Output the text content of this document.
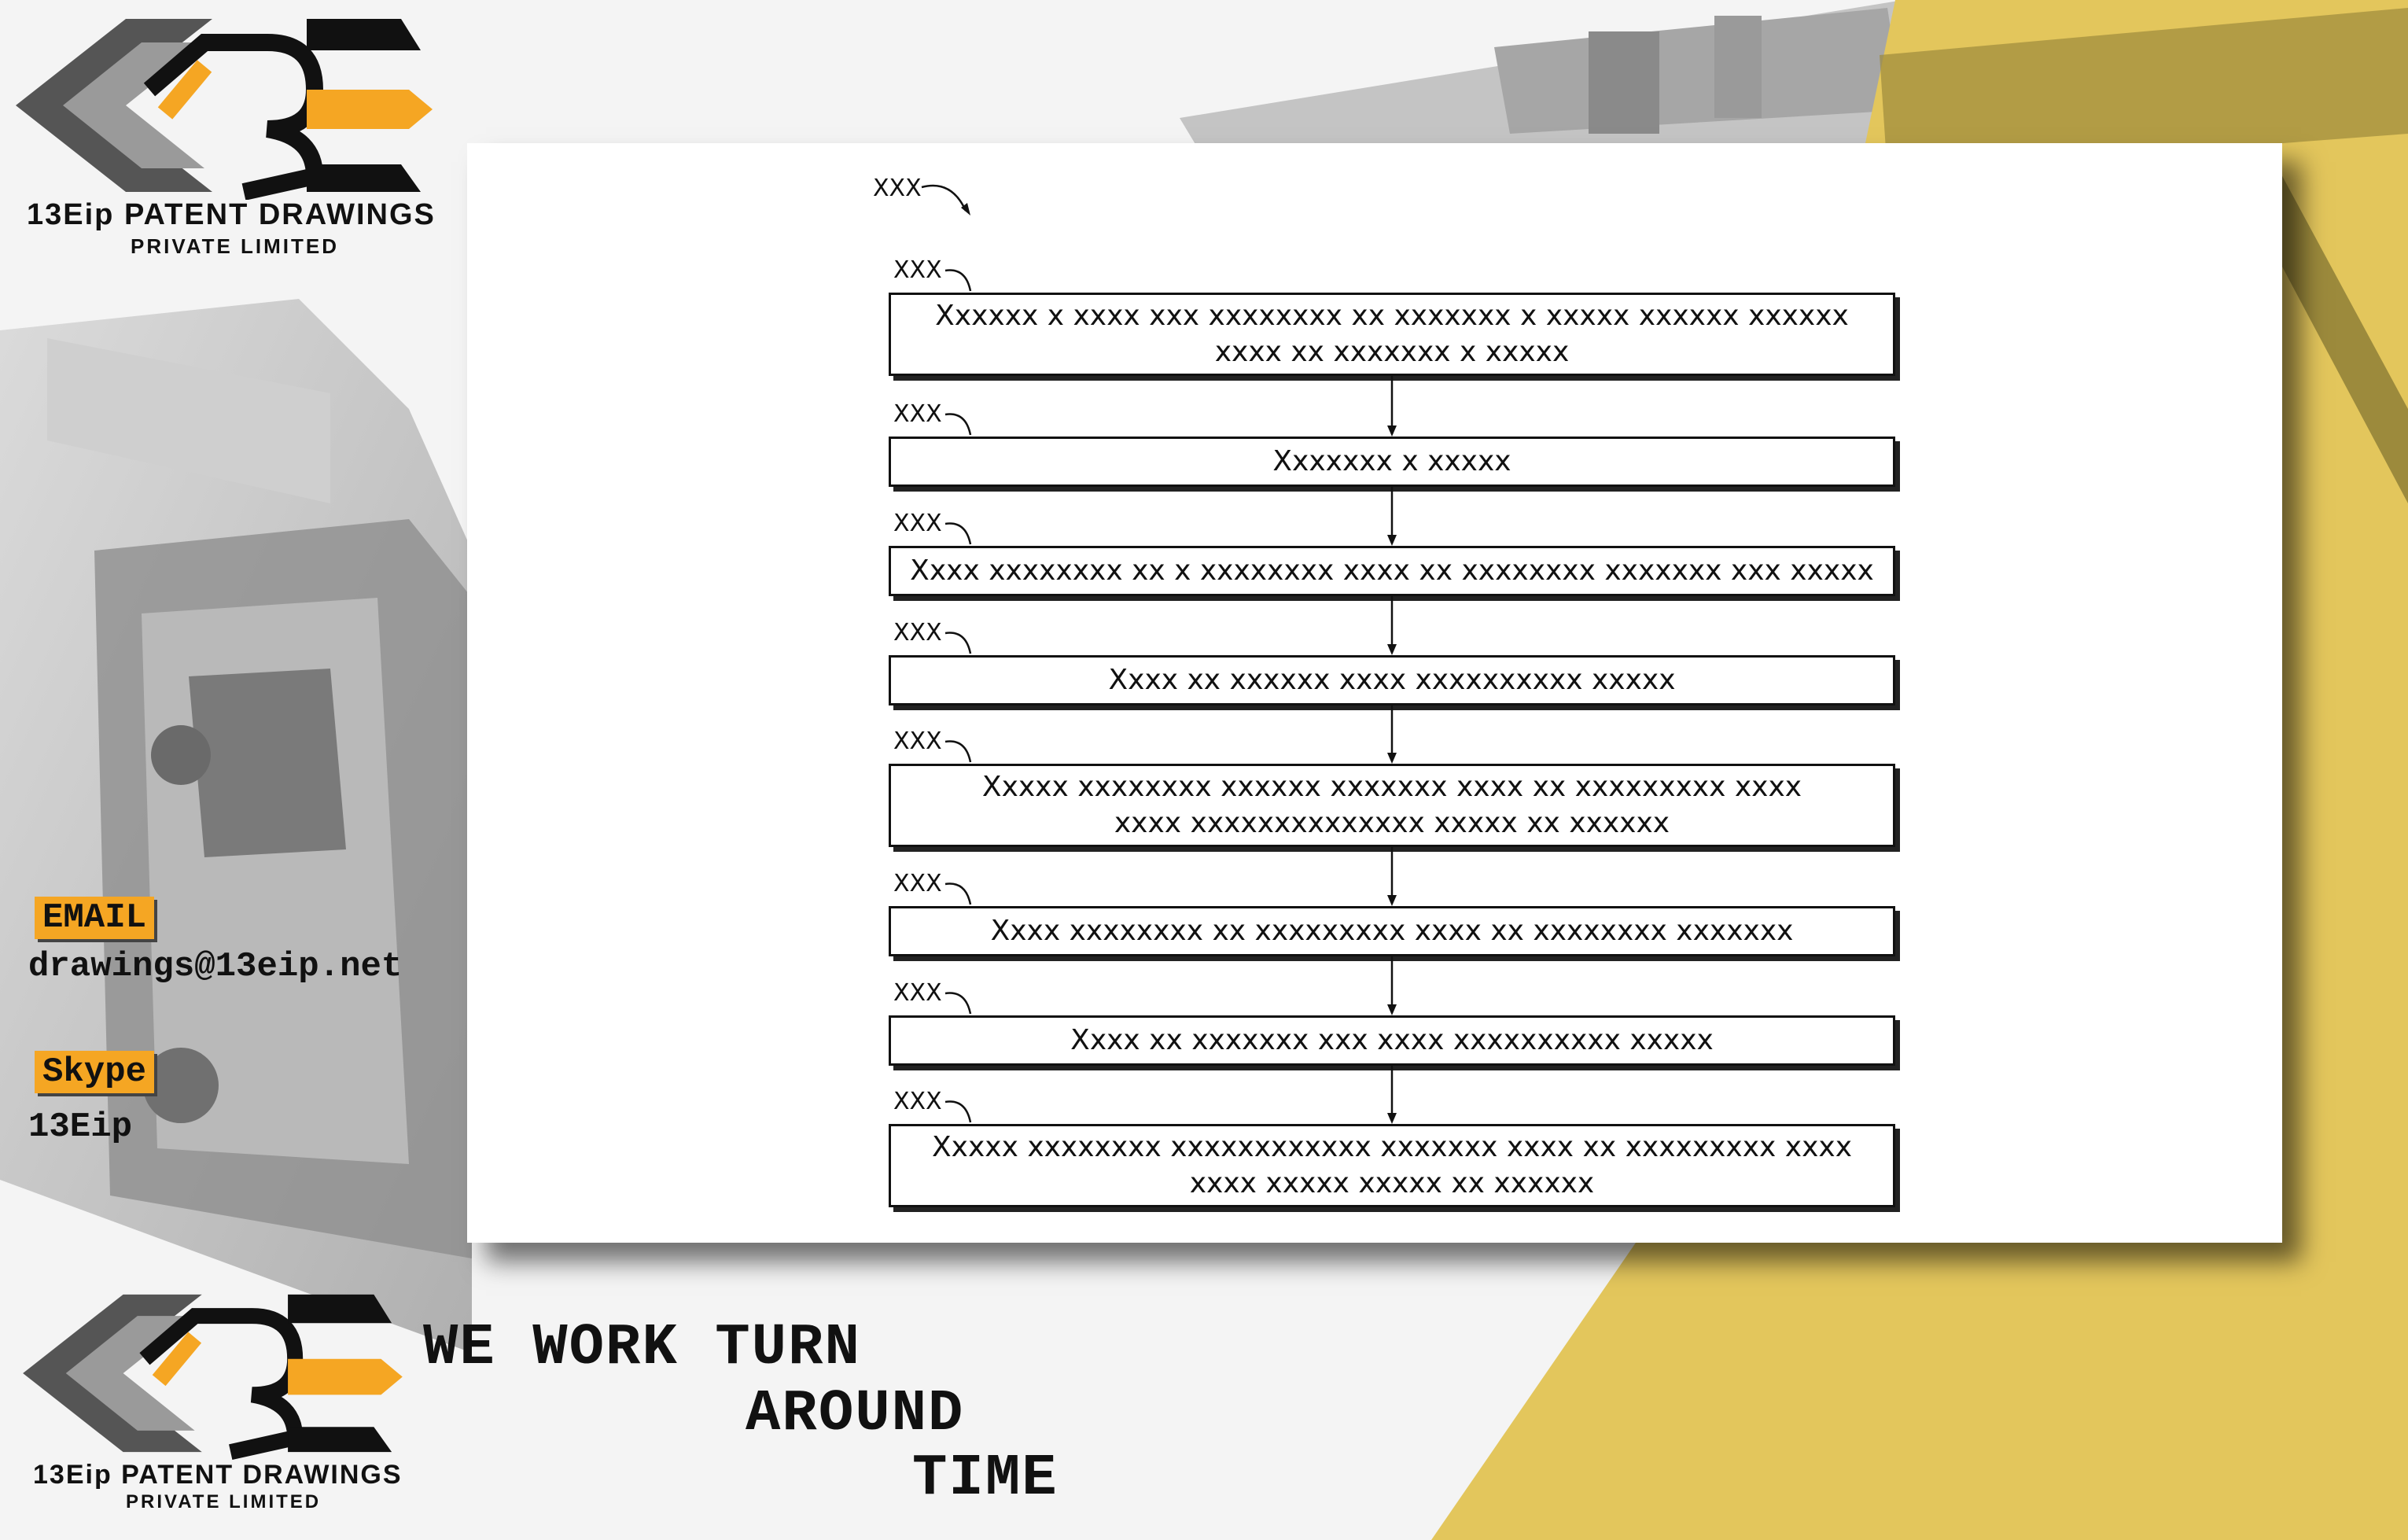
13Eip PATENT DRAWINGS
PRIVATE LIMITED
EMAIL
drawings@13eip.net
Skype
13Eip
13Eip PATENT DRAWINGS
PRIVATE LIMITED
WE WORK TURN
AROUND
TIME
XXX
XXX
Xxxxxx x xxxx xxx xxxxxxxx xx xxxxxxx x xxxxx xxxxxx xxxxxx
xxxx xx xxxxxxx x xxxxx
XXX
Xxxxxxx x xxxxx
XXX
Xxxx xxxxxxxx xx x xxxxxxxx xxxx xx xxxxxxxx xxxxxxx xxx xxxxx
XXX
Xxxx xx xxxxxx xxxx xxxxxxxxxx xxxxx
XXX
Xxxxx xxxxxxxx xxxxxx xxxxxxx xxxx xx xxxxxxxxx xxxx
xxxx xxxxxxxxxxxxxx xxxxx xx xxxxxx
XXX
Xxxx xxxxxxxx xx xxxxxxxxx xxxx xx xxxxxxxx xxxxxxx
XXX
Xxxx xx xxxxxxx xxx xxxx xxxxxxxxxx xxxxx
XXX
Xxxxx xxxxxxxx xxxxxxxxxxxx xxxxxxx xxxx xx xxxxxxxxx xxxx
xxxx xxxxx xxxxx xx xxxxxx
